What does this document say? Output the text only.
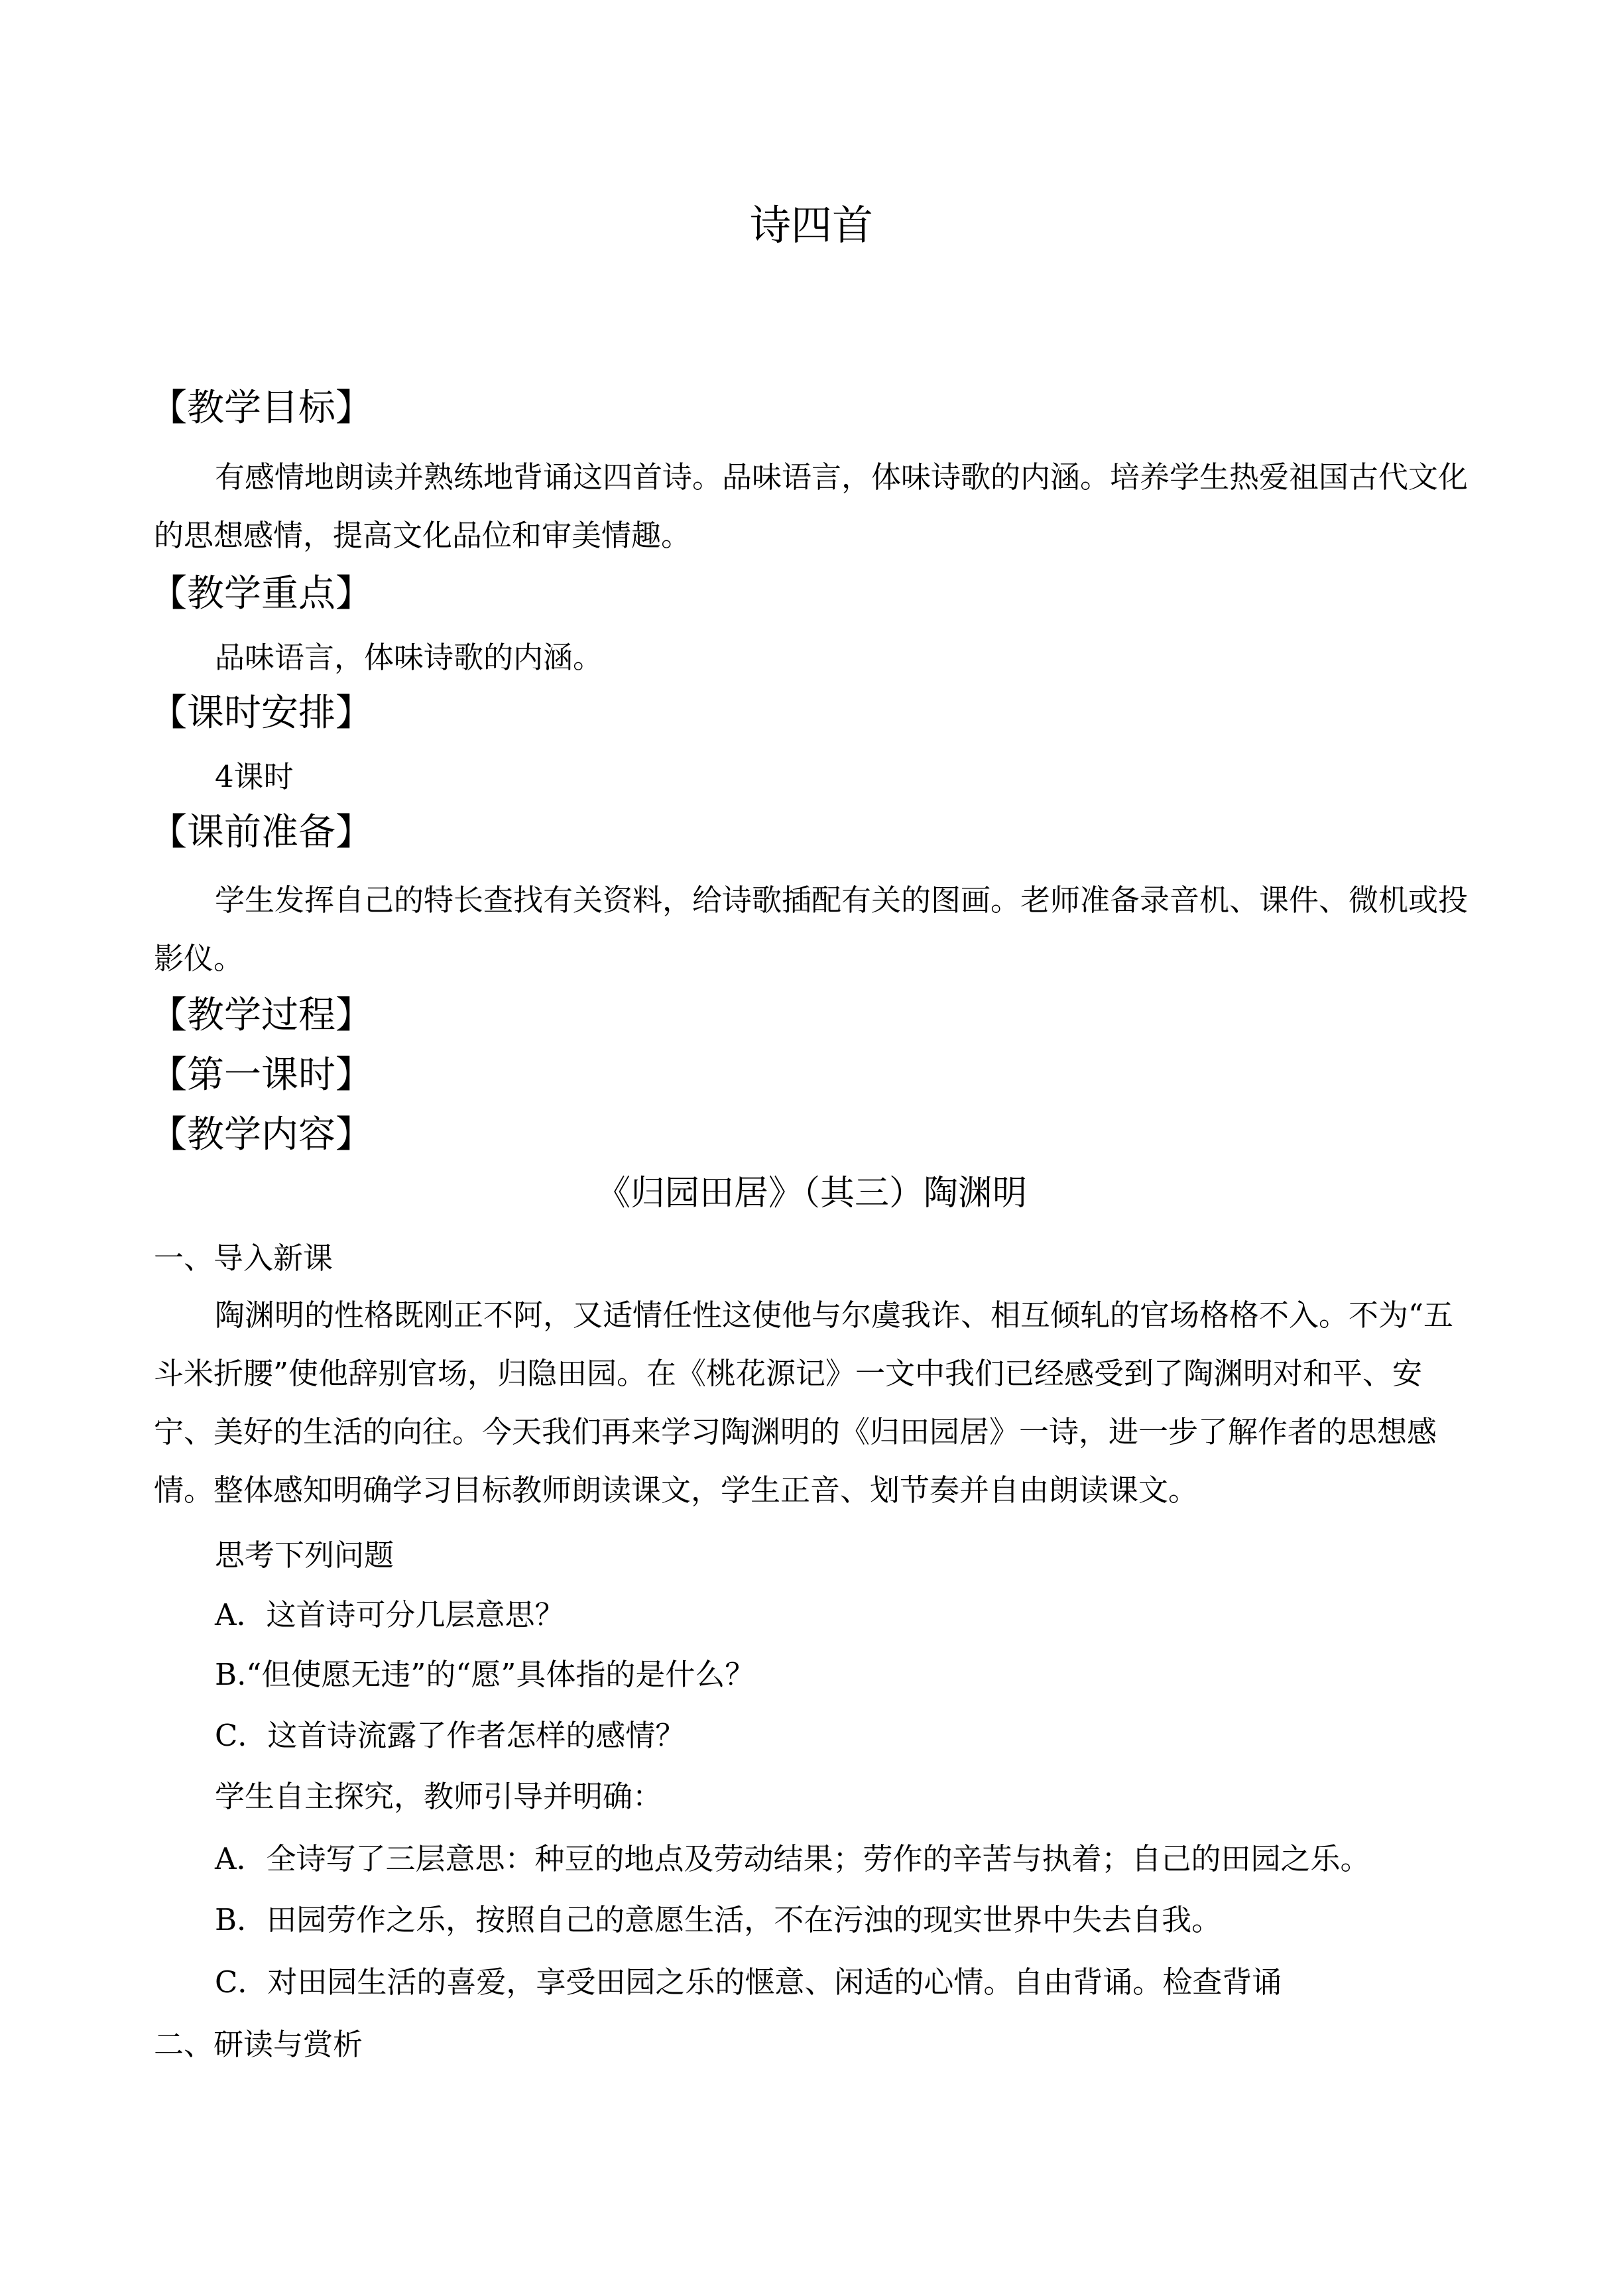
诗四首
【教学目标】

有感情地朗读并熟练地背诵这四首诗。品味语言，体味诗歌的内涵。培养学生热爱祖国古代文化的思想感情，提高文化品位和审美情趣。

【教学重点】

品味语言，体味诗歌的内涵。

【课时安排】

4课时

【课前准备】

学生发挥自己的特长查找有关资料，给诗歌插配有关的图画。老师准备录音机、课件、微机或投影仪。

【教学过程】
【第一课时】
【教学内容】
《归园田居》（其三）陶渊明

一、导入新课

陶渊明的性格既刚正不阿，又适情任性这使他与尔虞我诈、相互倾轧的官场格格不入。不为“五斗米折腰”使他辞别官场，归隐田园。在《桃花源记》一文中我们已经感受到了陶渊明对和平、安宁、美好的生活的向往。今天我们再来学习陶渊明的《归田园居》一诗，进一步了解作者的思想感情。整体感知明确学习目标教师朗读课文，学生正音、划节奏并自由朗读课文。

思考下列问题

A．这首诗可分几层意思？

B.“但使愿无违”的“愿”具体指的是什么？

C．这首诗流露了作者怎样的感情？

学生自主探究，教师引导并明确：

A．全诗写了三层意思：种豆的地点及劳动结果；劳作的辛苦与执着；自己的田园之乐。

B．田园劳作之乐，按照自己的意愿生活，不在污浊的现实世界中失去自我。

C．对田园生活的喜爱，享受田园之乐的惬意、闲适的心情。自由背诵。检查背诵

二、研读与赏析
